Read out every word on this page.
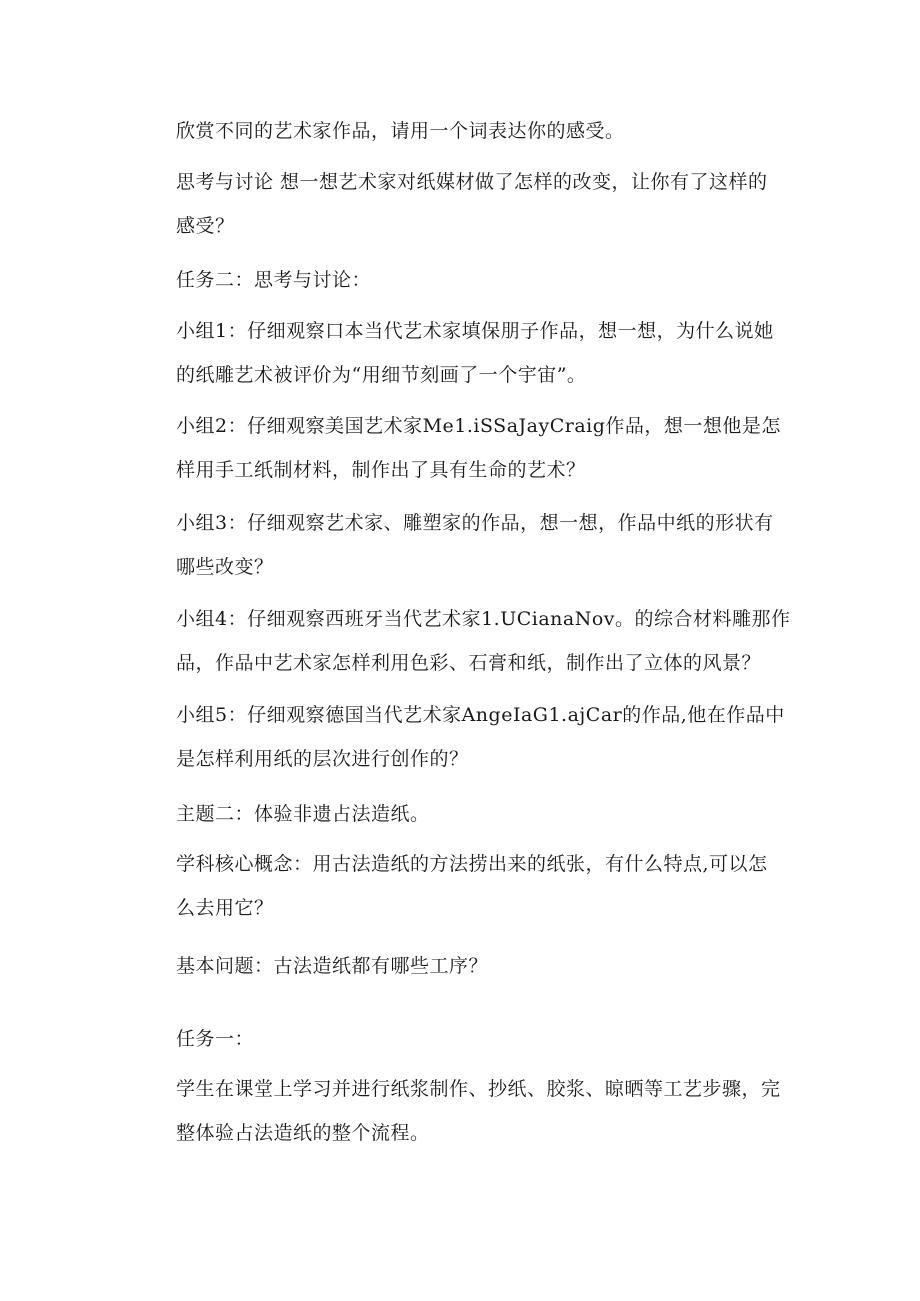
欣赏不同的艺术家作品，请用一个词表达你的感受。

思考与讨论 想一想艺术家对纸媒材做了怎样的改变，让你有了这样的
感受？

任务二：思考与讨论：

小组1：仔细观察口本当代艺术家填保朋子作品，想一想，为什么说她
的纸雕艺术被评价为“用细节刻画了一个宇宙”。

小组2：仔细观察美国艺术家Me1.iSSaJayCraig作品，想一想他是怎
样用手工纸制材料，制作出了具有生命的艺术？

小组3：仔细观察艺术家、雕塑家的作品，想一想，作品中纸的形状有
哪些改变？

小组4：仔细观察西班牙当代艺术家1.UCianaNov。的综合材料雕那作
品，作品中艺术家怎样利用色彩、石膏和纸，制作出了立体的风景？

小组5：仔细观察德国当代艺术家AngeIaG1.ajCar的作品,他在作品中
是怎样利用纸的层次进行创作的？

主题二：体验非遗占法造纸。

学科核心概念：用古法造纸的方法捞出来的纸张，有什么特点,可以怎
么去用它？

基本问题：古法造纸都有哪些工序？

任务一：

学生在课堂上学习并进行纸浆制作、抄纸、胶浆、晾晒等工艺步骤，完
整体验占法造纸的整个流程。
